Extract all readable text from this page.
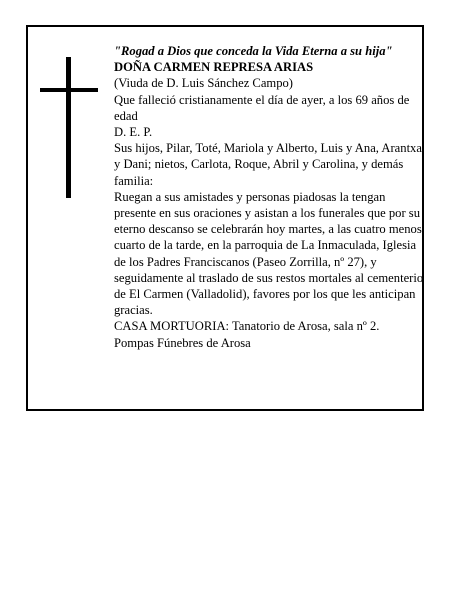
"Rogad a Dios que conceda la Vida Eterna a su hija"

DOÑA CARMEN REPRESA ARIAS

(Viuda de D. Luis Sánchez Campo)

Que falleció cristianamente el día de ayer, a los 69 años de edad

D. E. P.

Sus hijos, Pilar, Toté, Mariola y Alberto, Luis y Ana, Arantxa y Dani; nietos, Carlota, Roque, Abril y Carolina, y demás familia:

Ruegan a sus amistades y personas piadosas la tengan presente en sus oraciones y asistan a los funerales que por su eterno descanso se celebrarán hoy martes, a las cuatro menos cuarto de la tarde, en la parroquia de La Inmaculada, Iglesia de los Padres Franciscanos (Paseo Zorrilla, nº 27), y seguidamente al traslado de sus restos mortales al cementerio de El Carmen (Valladolid), favores por los que les anticipan gracias.

CASA MORTUORIA: Tanatorio de Arosa, sala nº 2.

Pompas Fúnebres de Arosa
